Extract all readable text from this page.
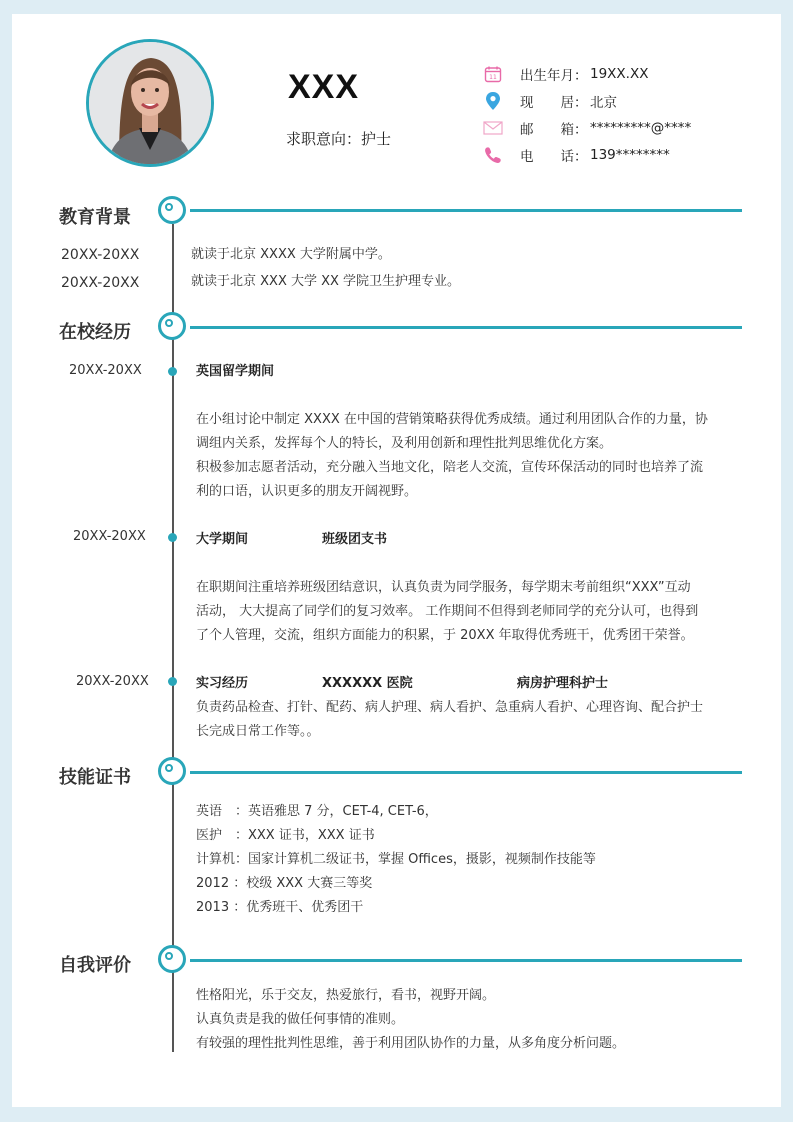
XXX
求职意向：护士
11 出生年月： 19XX.XX
现　　居： 北京
邮　　箱： *********@****
电　　话： 139********
教育背景
20XX-20XX	就读于北京 XXXX 大学附属中学。
20XX-20XX	就读于北京 XXX 大学 XX 学院卫生护理专业。
在校经历
20XX-20XX	英国留学期间
在小组讨论中制定 XXXX 在中国的营销策略获得优秀成绩。通过利用团队合作的力量，协
调组内关系，发挥每个人的特长，及利用创新和理性批判思维优化方案。
积极参加志愿者活动，充分融入当地文化，陪老人交流，宣传环保活动的同时也培养了流
利的口语，认识更多的朋友开阔视野。
20XX-20XX	大学期间	班级团支书
在职期间注重培养班级团结意识，认真负责为同学服务，每学期末考前组织“XXX”互动
活动， 大大提高了同学们的复习效率。 工作期间不但得到老师同学的充分认可，也得到
了个人管理，交流，组织方面能力的积累，于 20XX 年取得优秀班干，优秀团干荣誉。
20XX-20XX	实习经历	XXXXXX 医院	病房护理科护士
负责药品检查、打针、配药、病人护理、病人看护、急重病人看护、心理咨询、配合护士
长完成日常工作等。。
技能证书
英语　：英语雅思 7 分，CET-4, CET-6，
医护　：XXX 证书，XXX 证书
计算机：国家计算机二级证书，掌握 Offices，摄影，视频制作技能等
2012 ：校级 XXX 大赛三等奖
2013 ：优秀班干、优秀团干
自我评价
性格阳光，乐于交友，热爱旅行，看书，视野开阔。
认真负责是我的做任何事情的准则。
有较强的理性批判性思维，善于利用团队协作的力量，从多角度分析问题。
